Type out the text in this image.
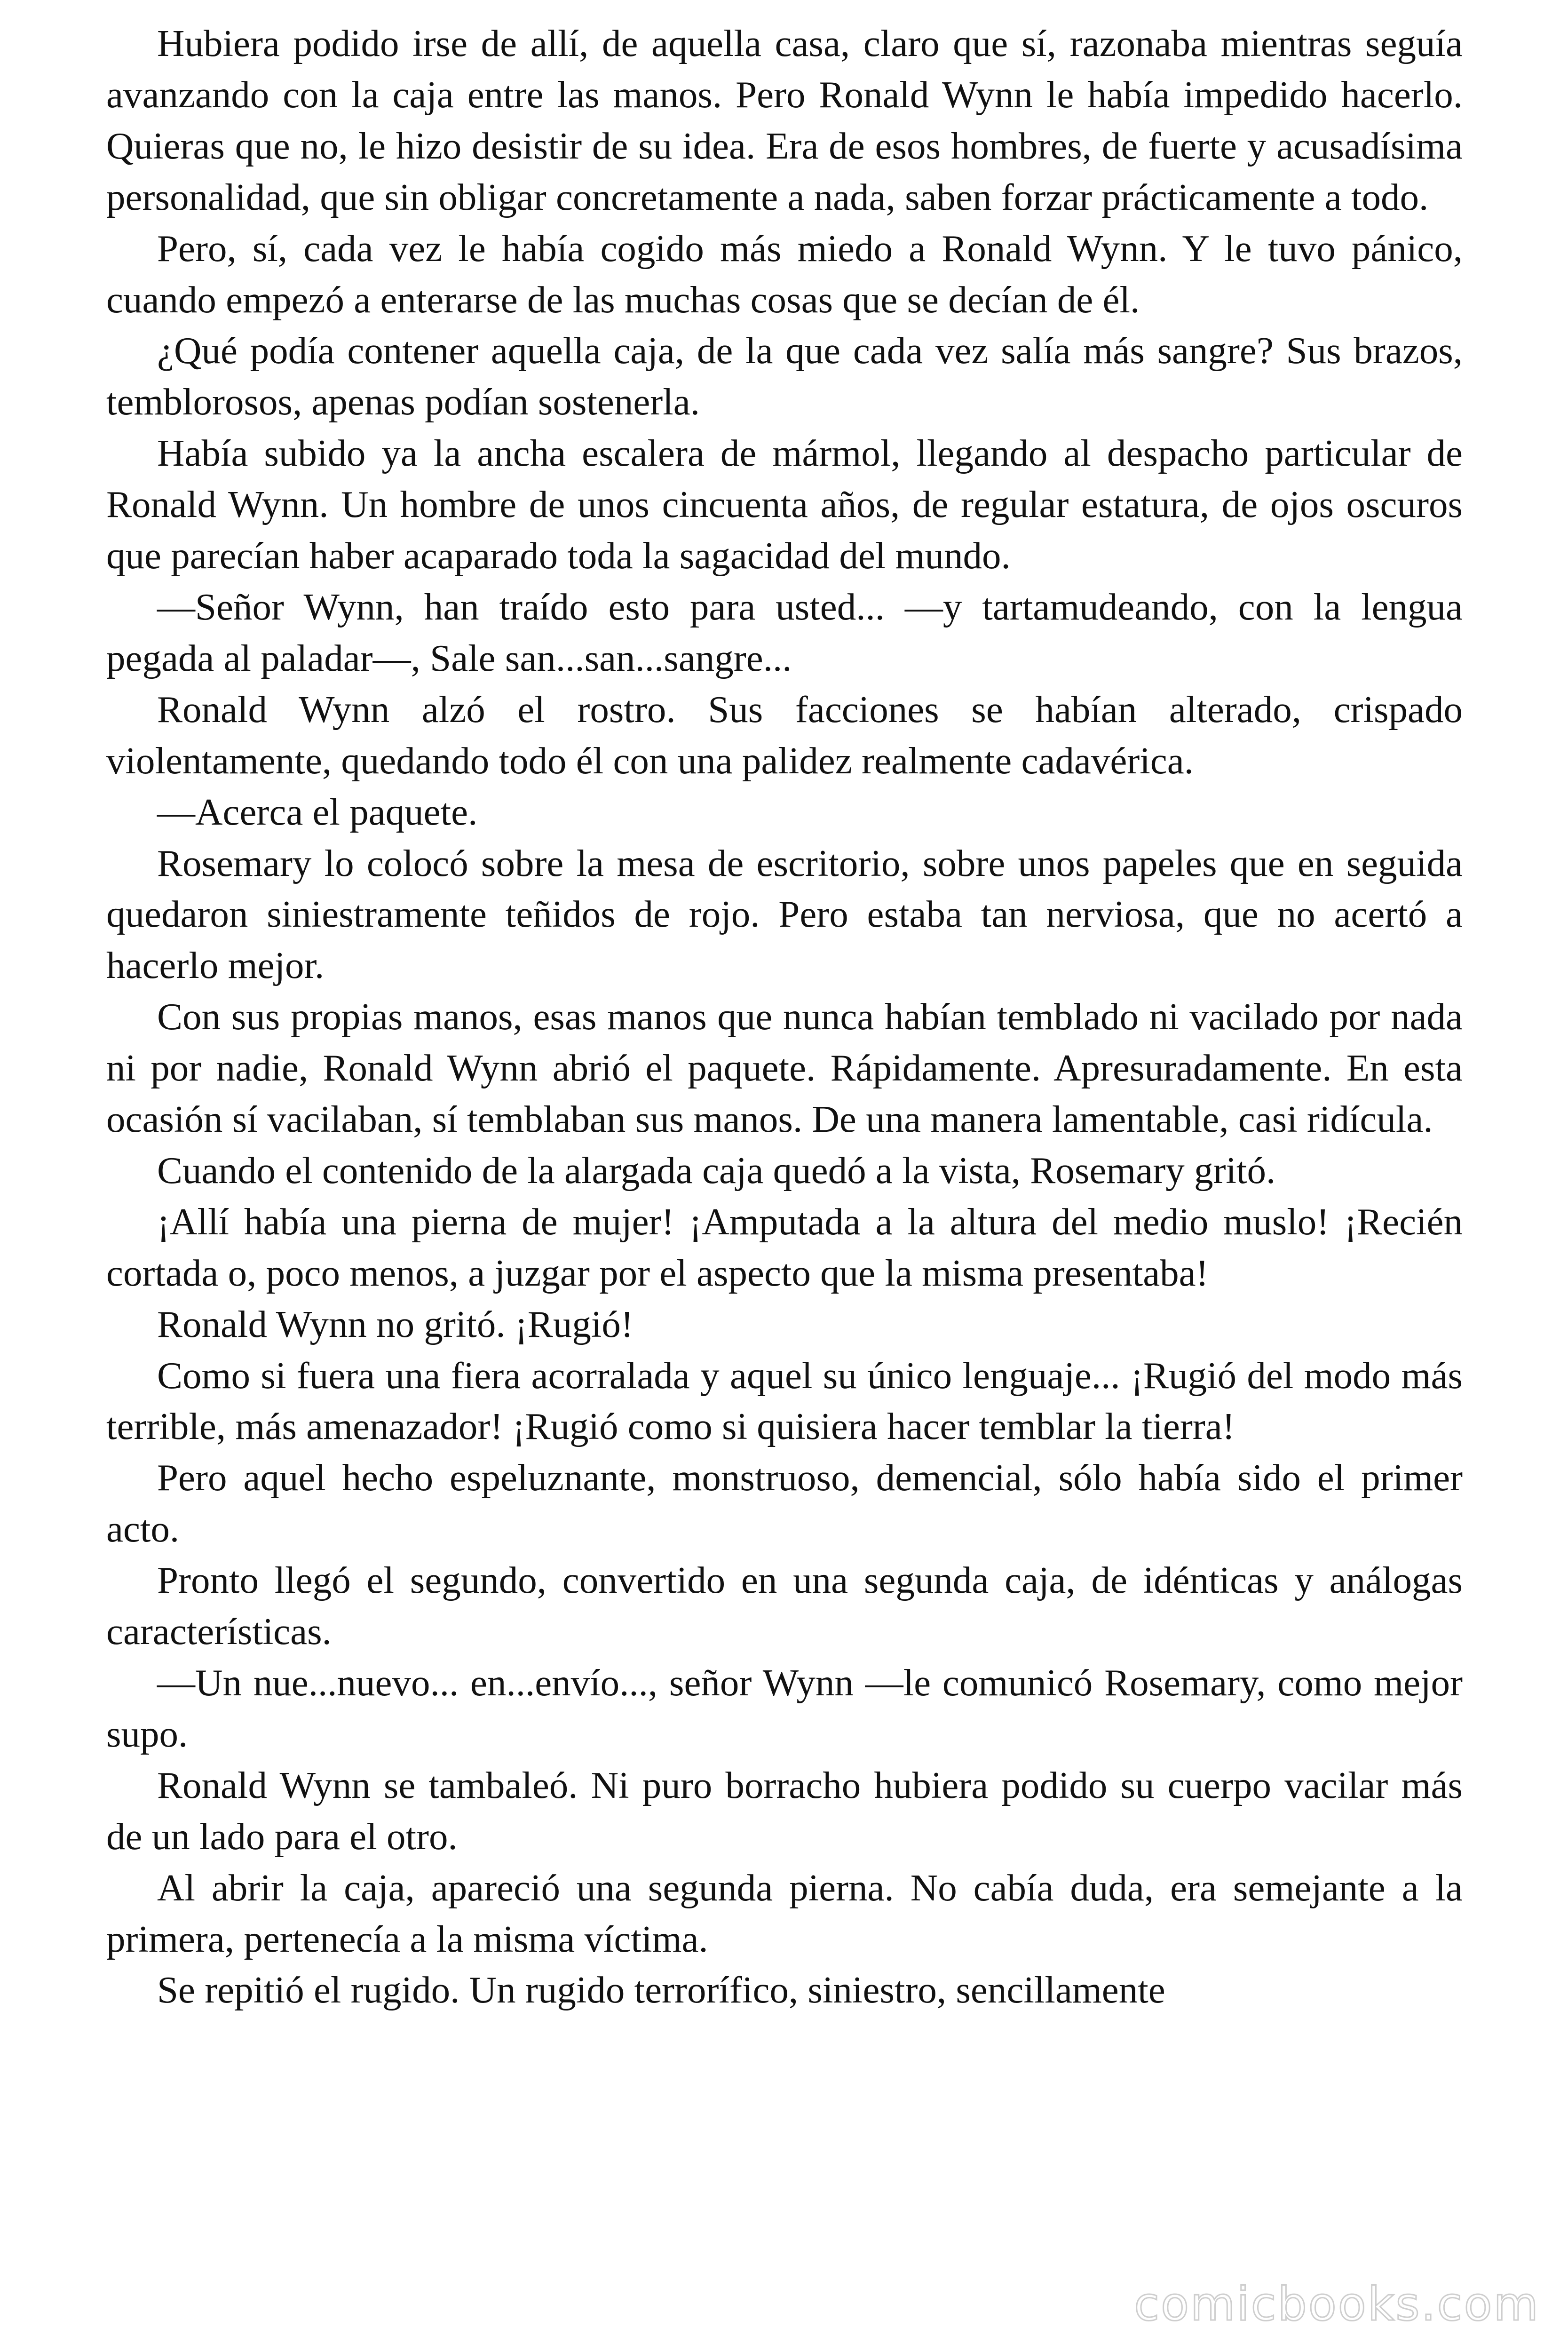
Hubiera podido irse de allí, de aquella casa, claro que sí, razonaba mientras seguía avanzando con la caja entre las manos. Pero Ronald Wynn le había impedido hacerlo. Quieras que no, le hizo desistir de su idea. Era de esos hombres, de fuerte y acusadísima personalidad, que sin obligar concretamente a nada, saben forzar prácticamente a todo.

Pero, sí, cada vez le había cogido más miedo a Ronald Wynn. Y le tuvo pánico, cuando empezó a enterarse de las muchas cosas que se decían de él.

¿Qué podía contener aquella caja, de la que cada vez salía más sangre? Sus brazos, temblorosos, apenas podían sostenerla.

Había subido ya la ancha escalera de mármol, llegando al despacho particular de Ronald Wynn. Un hombre de unos cincuenta años, de regular estatura, de ojos oscuros que parecían haber acaparado toda la sagacidad del mundo.

—Señor Wynn, han traído esto para usted... —y tartamudeando, con la lengua pegada al paladar—, Sale san...san...sangre...

Ronald Wynn alzó el rostro. Sus facciones se habían alterado, crispado violentamente, quedando todo él con una palidez realmente cadavérica.

—Acerca el paquete.

Rosemary lo colocó sobre la mesa de escritorio, sobre unos papeles que en seguida quedaron siniestramente teñidos de rojo. Pero estaba tan nerviosa, que no acertó a hacerlo mejor.

Con sus propias manos, esas manos que nunca habían temblado ni vacilado por nada ni por nadie, Ronald Wynn abrió el paquete. Rápidamente. Apresuradamente. En esta ocasión sí vacilaban, sí temblaban sus manos. De una manera lamentable, casi ridícula.

Cuando el contenido de la alargada caja quedó a la vista, Rosemary gritó.

¡Allí había una pierna de mujer! ¡Amputada a la altura del medio muslo! ¡Recién cortada o, poco menos, a juzgar por el aspecto que la misma presentaba!

Ronald Wynn no gritó. ¡Rugió!

Como si fuera una fiera acorralada y aquel su único lenguaje... ¡Rugió del modo más terrible, más amenazador! ¡Rugió como si quisiera hacer temblar la tierra!

Pero aquel hecho espeluznante, monstruoso, demencial, sólo había sido el primer acto.

Pronto llegó el segundo, convertido en una segunda caja, de idénticas y análogas características.

—Un nue...nuevo... en...envío..., señor Wynn —le comunicó Rosemary, como mejor supo.

Ronald Wynn se tambaleó. Ni puro borracho hubiera podido su cuerpo vacilar más de un lado para el otro.

Al abrir la caja, apareció una segunda pierna. No cabía duda, era semejante a la primera, pertenecía a la misma víctima.

Se repitió el rugido. Un rugido terrorífico, siniestro, sencillamente

comicbooks.com
